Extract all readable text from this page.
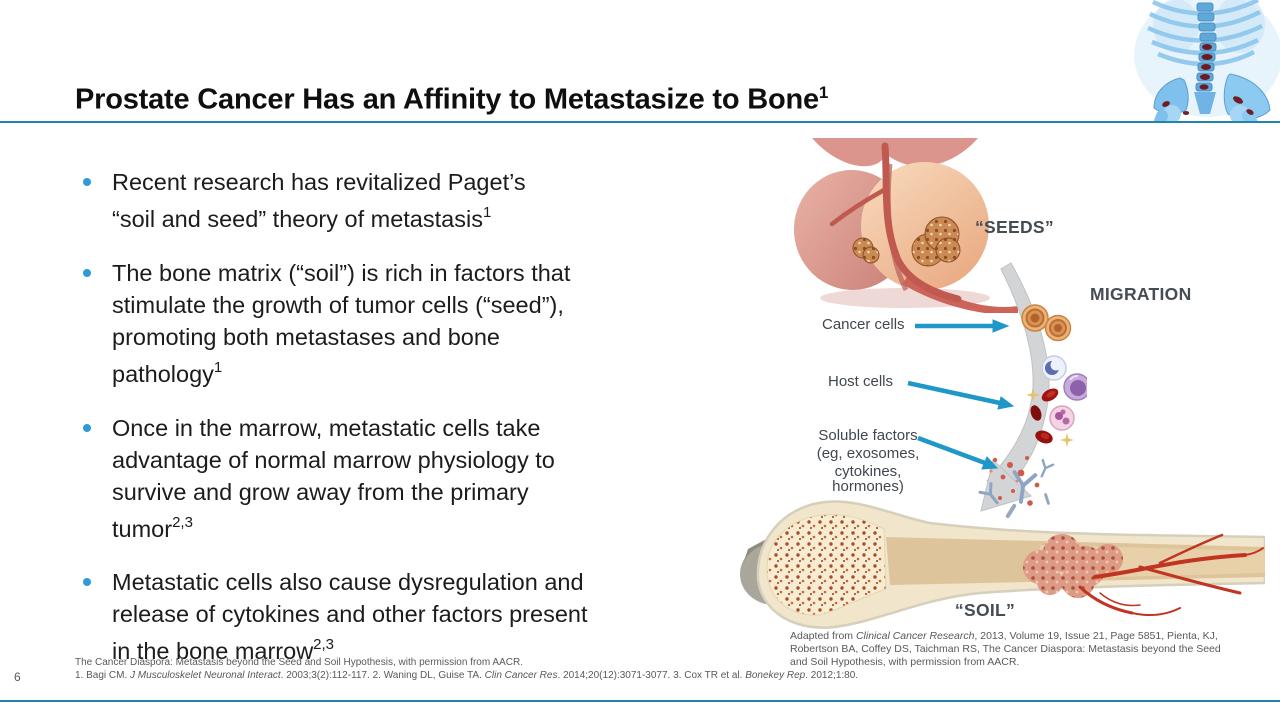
Prostate Cancer Has an Affinity to Metastasize to Bone$^1$
Recent research has revitalized Paget’s
“soil and seed” theory of metastasis$^1$
The bone matrix (“soil”) is rich in factors that
stimulate the growth of tumor cells (“seed”),
promoting both metastases and bone
pathology$^1$
Once in the marrow, metastatic cells take
advantage of normal marrow physiology to
survive and grow away from the primary
tumor$^{2,3}$
Metastatic cells also cause dysregulation and
release of cytokines and other factors present
in the bone marrow$^{2,3}$
“SEEDS”
MIGRATION
“SOIL”
Cancer cells
Host cells
Soluble factors
(eg, exosomes,
cytokines, hormones)
Adapted from Clinical Cancer Research, 2013, Volume 19, Issue 21, Page 5851, Pienta, KJ,
Robertson BA, Coffey DS, Taichman RS, The Cancer Diaspora: Metastasis beyond the Seed
and Soil Hypothesis, with permission from AACR.
The Cancer Diaspora: Metastasis beyond the Seed and Soil Hypothesis, with permission from AACR.
1. Bagi CM. J Musculoskelet Neuronal Interact. 2003;3(2):112-117. 2. Waning DL, Guise TA. Clin Cancer Res. 2014;20(12):3071-3077. 3. Cox TR et al. Bonekey Rep. 2012;1:80.
6
